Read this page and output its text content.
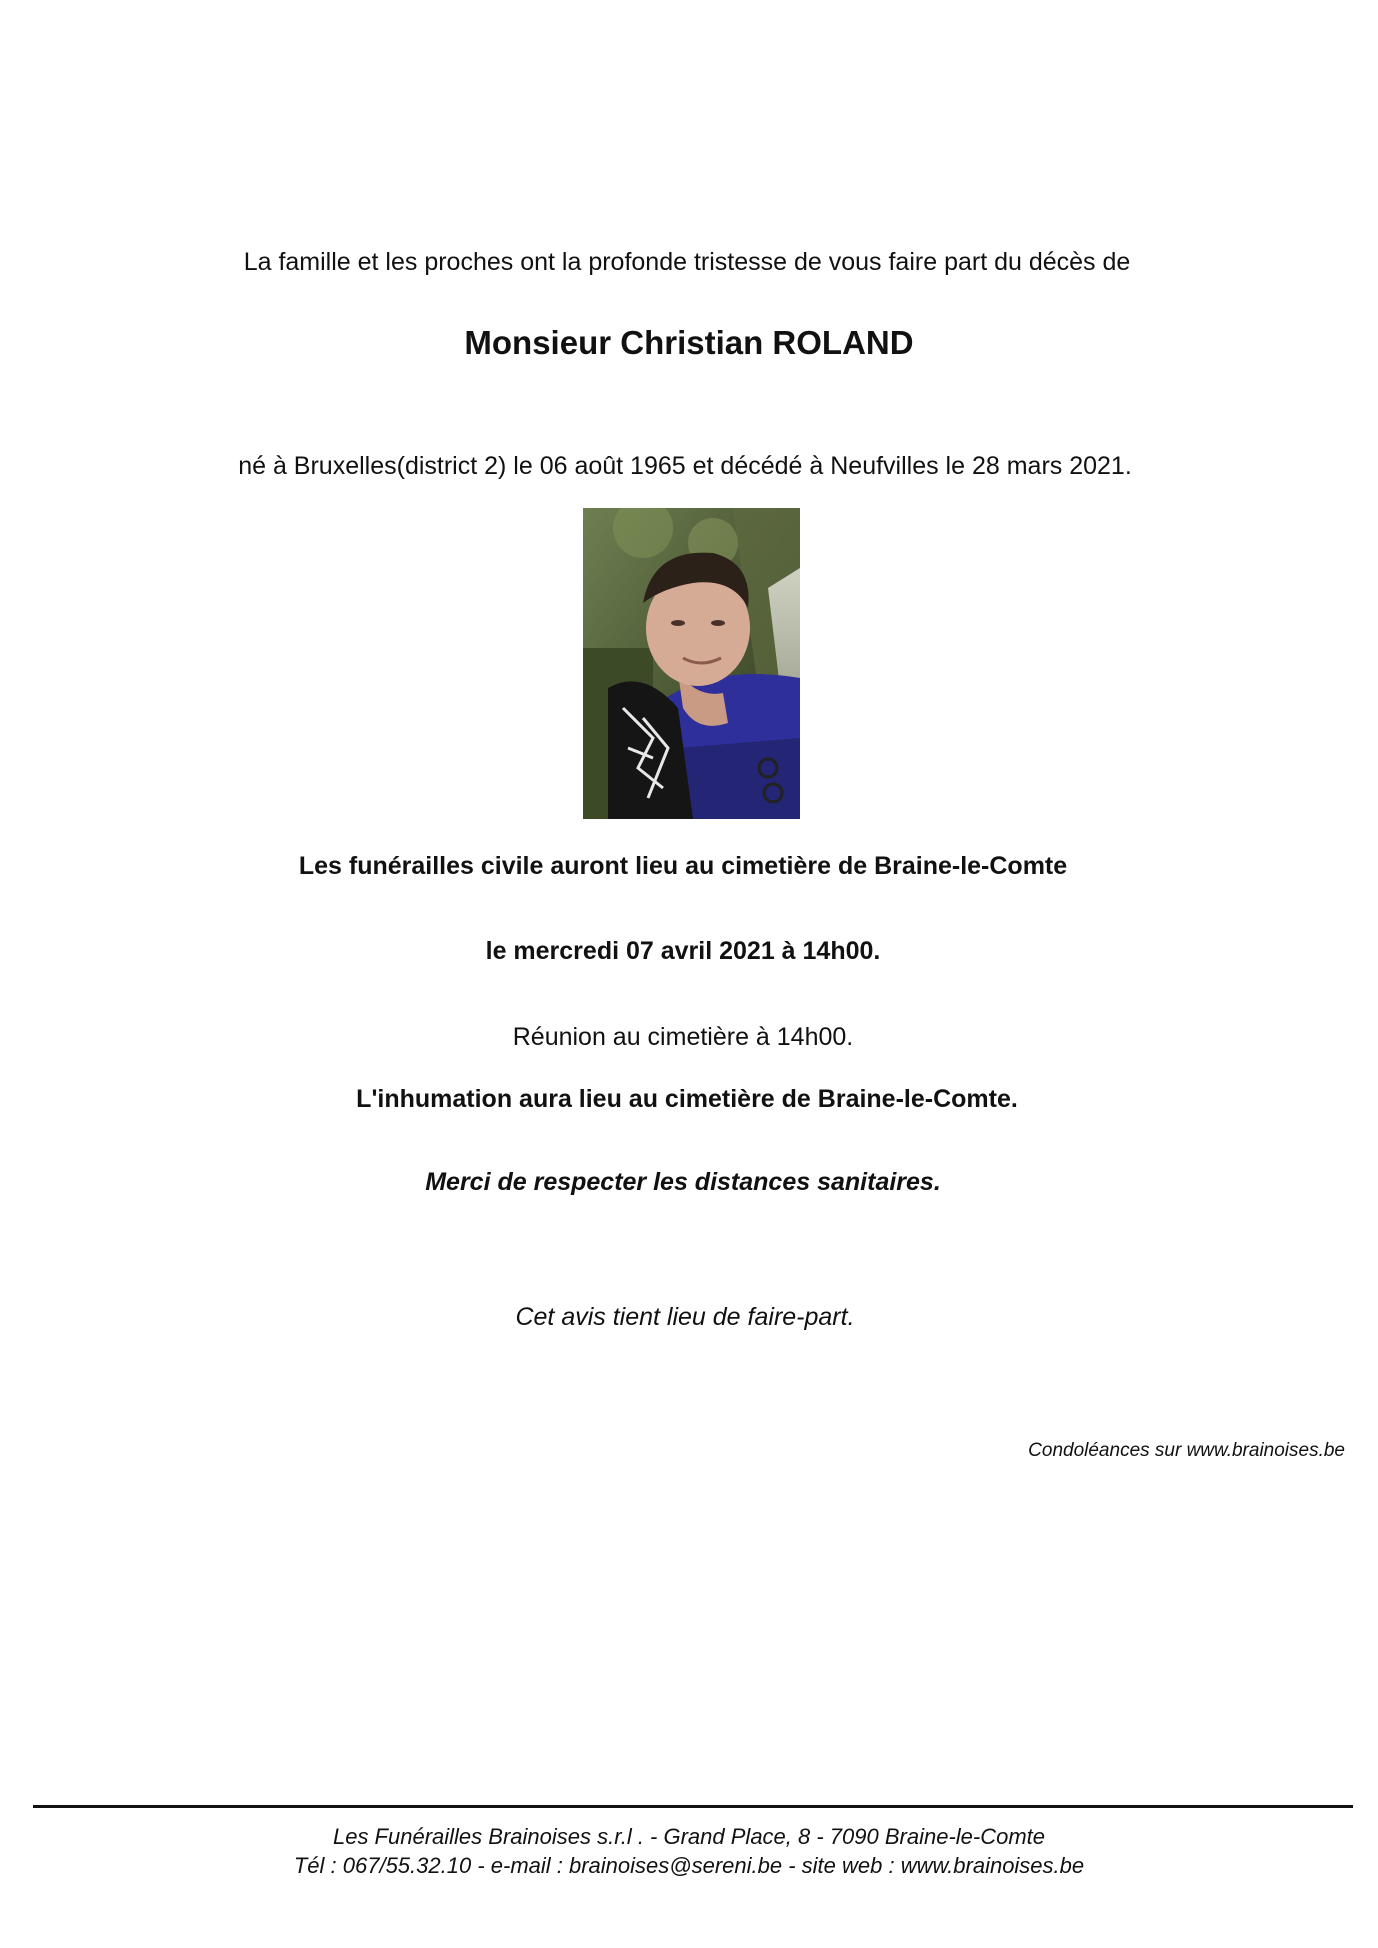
La famille et les proches ont la profonde tristesse de vous faire part du décès de
Monsieur Christian ROLAND
né à Bruxelles(district 2) le 06 août 1965 et décédé à Neufvilles le 28 mars 2021.
Les funérailles civile auront lieu au cimetière de Braine-le-Comte
le mercredi 07 avril 2021 à 14h00.
Réunion au cimetière à 14h00.
L'inhumation aura lieu au cimetière de Braine-le-Comte.
Merci de respecter les distances sanitaires.
Cet avis tient lieu de faire-part.
Condoléances sur www.brainoises.be
Les Funérailles Brainoises s.r.l . - Grand Place, 8 - 7090 Braine-le-Comte
Tél : 067/55.32.10 - e-mail : brainoises@sereni.be - site web : www.brainoises.be
